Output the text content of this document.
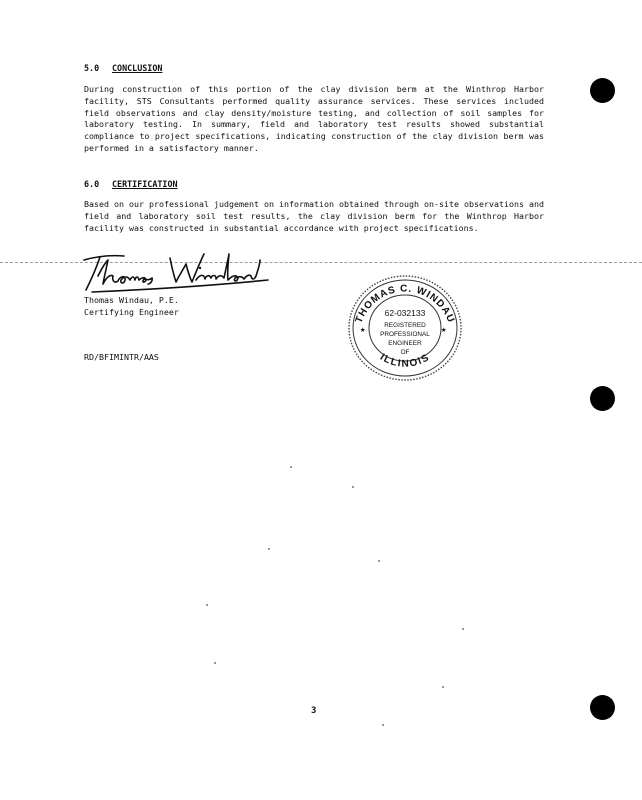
5.0 CONCLUSION
During construction of this portion of the clay division berm at the Winthrop Harbor facility, STS Consultants performed quality assurance services. These services included field observations and clay density/moisture testing, and collection of soil samples for laboratory testing. In summary, field and laboratory test results showed substantial compliance to project specifications, indicating construction of the clay division berm was performed in a satisfactory manner.
6.0 CERTIFICATION
Based on our professional judgement on information obtained through on-site observations and field and laboratory soil test results, the clay division berm for the Winthrop Harbor facility was constructed in substantial accordance with project specifications.
Thomas Windau, P.E.
Certifying Engineer
RD/BFIMINTR/AAS
THOMAS C. WINDAU
ILLINOIS
★	★
62-032133
REGISTERED
PROFESSIONAL
ENGINEER
OF
3
